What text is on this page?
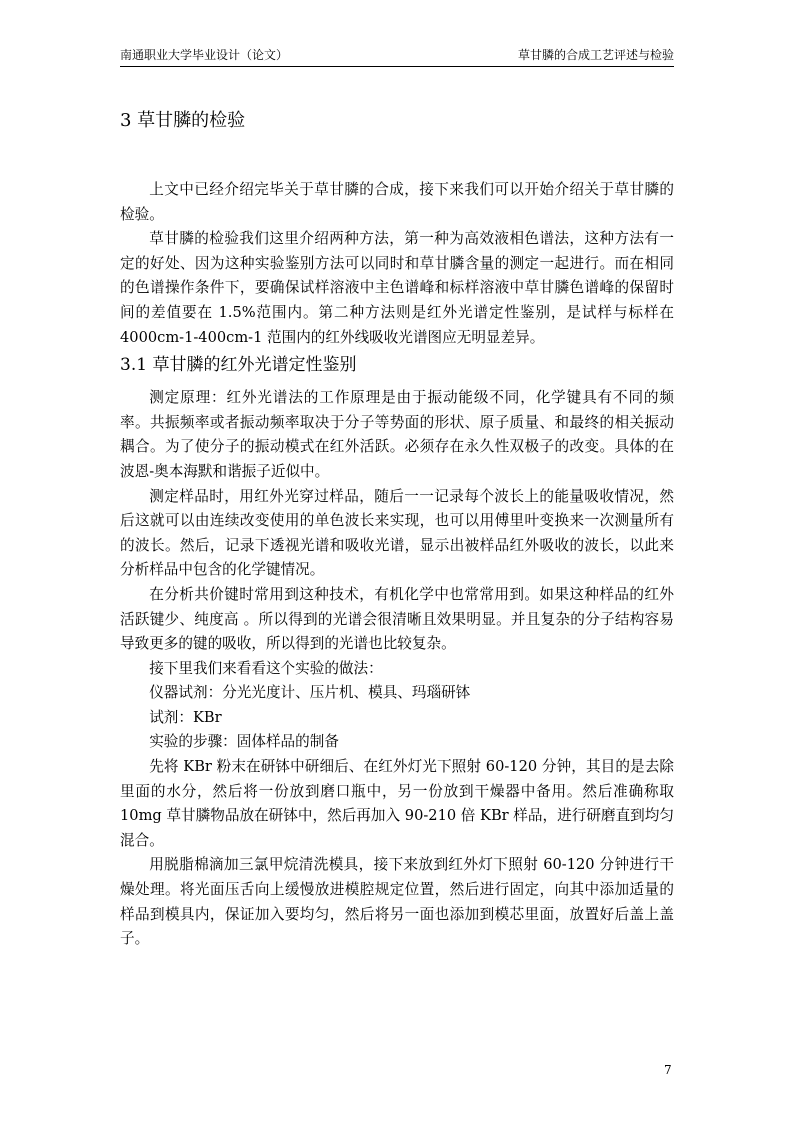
南通职业大学毕业设计（论文）	草甘膦的合成工艺评述与检验
3 草甘膦的检验

上文中已经介绍完毕关于草甘膦的合成，接下来我们可以开始介绍关于草甘膦的检验。

草甘膦的检验我们这里介绍两种方法，第一种为高效液相色谱法，这种方法有一定的好处、因为这种实验鉴别方法可以同时和草甘膦含量的测定一起进行。而在相同的色谱操作条件下，要确保试样溶液中主色谱峰和标样溶液中草甘膦色谱峰的保留时间的差值要在 1.5%范围内。第二种方法则是红外光谱定性鉴别，是试样与标样在 4000cm-1-400cm-1 范围内的红外线吸收光谱图应无明显差异。

3.1 草甘膦的红外光谱定性鉴别

测定原理：红外光谱法的工作原理是由于振动能级不同，化学键具有不同的频率。共振频率或者振动频率取决于分子等势面的形状、原子质量、和最终的相关振动耦合。为了使分子的振动模式在红外活跃。必须存在永久性双极子的改变。具体的在波恩-奥本海默和谐振子近似中。

测定样品时，用红外光穿过样品，随后一一记录每个波长上的能量吸收情况，然后这就可以由连续改变使用的单色波长来实现，也可以用傅里叶变换来一次测量所有的波长。然后，记录下透视光谱和吸收光谱，显示出被样品红外吸收的波长，以此来分析样品中包含的化学键情况。

在分析共价键时常用到这种技术，有机化学中也常常用到。如果这种样品的红外活跃键少、纯度高 。所以得到的光谱会很清晰且效果明显。并且复杂的分子结构容易导致更多的键的吸收，所以得到的光谱也比较复杂。

接下里我们来看看这个实验的做法：

仪器试剂：分光光度计、压片机、模具、玛瑙研钵

试剂：KBr

实验的步骤：固体样品的制备

先将 KBr 粉末在研钵中研细后、在红外灯光下照射 60-120 分钟，其目的是去除里面的水分，然后将一份放到磨口瓶中，另一份放到干燥器中备用。然后准确称取 10mg 草甘膦物品放在研钵中，然后再加入 90-210 倍 KBr 样品，进行研磨直到均匀混合。

用脱脂棉滴加三氯甲烷清洗模具，接下来放到红外灯下照射 60-120 分钟进行干燥处理。将光面压舌向上缓慢放进模腔规定位置，然后进行固定，向其中添加适量的样品到模具内，保证加入要均匀，然后将另一面也添加到模芯里面，放置好后盖上盖子。

7
